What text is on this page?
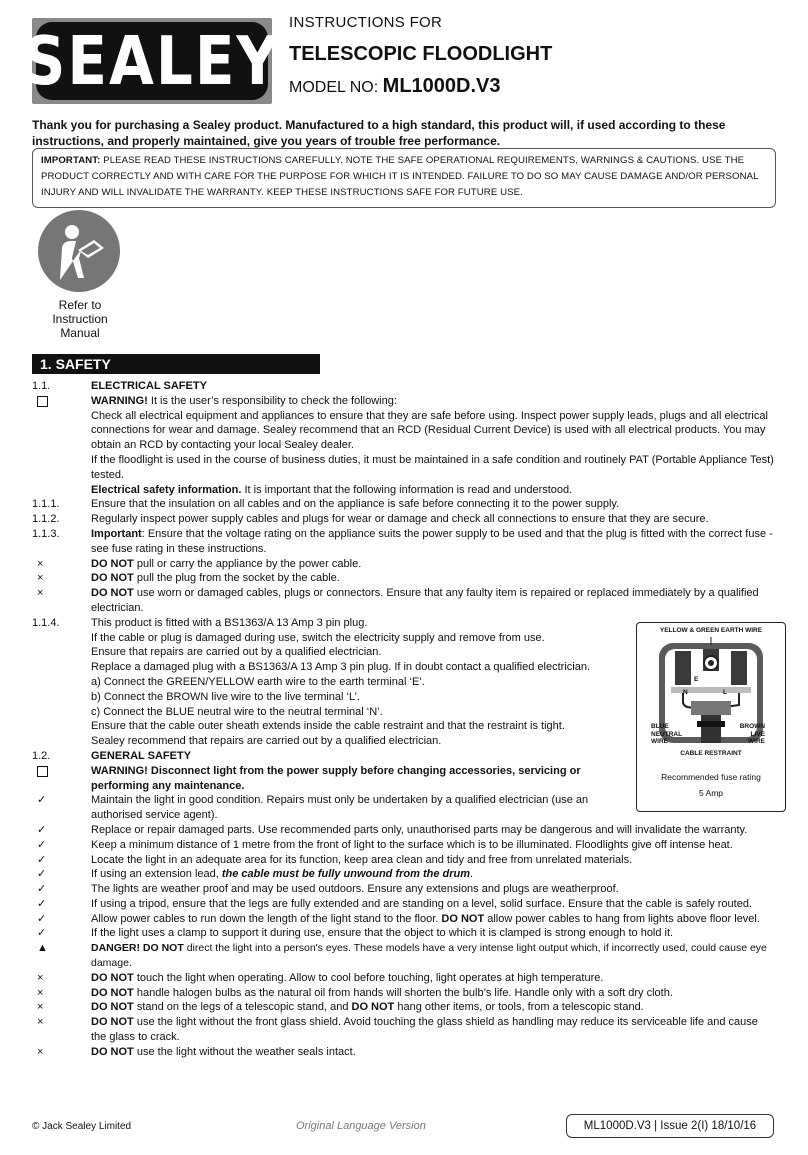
SEALEY INSTRUCTIONS FOR
TELESCOPIC FLOODLIGHT
MODEL NO: ML1000D.V3
Thank you for purchasing a Sealey product. Manufactured to a high standard, this product will, if used according to these instructions, and properly maintained, give you years of trouble free performance.
IMPORTANT: PLEASE READ THESE INSTRUCTIONS CAREFULLY. NOTE THE SAFE OPERATIONAL REQUIREMENTS, WARNINGS & CAUTIONS. USE THE PRODUCT CORRECTLY AND WITH CARE FOR THE PURPOSE FOR WHICH IT IS INTENDED. FAILURE TO DO SO MAY CAUSE DAMAGE AND/OR PERSONAL INJURY AND WILL INVALIDATE THE WARRANTY. KEEP THESE INSTRUCTIONS SAFE FOR FUTURE USE.
Refer to
Instruction
Manual
1. SAFETY
1.1.	ELECTRICAL SAFETY

WARNING! It is the user’s responsibility to check the following:

Check all electrical equipment and appliances to ensure that they are safe before using. Inspect power supply leads, plugs and all electrical connections for wear and damage. Sealey recommend that an RCD (Residual Current Device) is used with all electrical products. You may obtain an RCD by contacting your local Sealey dealer.

If the floodlight is used in the course of business duties, it must be maintained in a safe condition and routinely PAT (Portable Appliance Test) tested.

Electrical safety information. It is important that the following information is read and understood.

1.1.1.	Ensure that the insulation on all cables and on the appliance is safe before connecting it to the power supply.

1.1.2.	Regularly inspect power supply cables and plugs for wear or damage and check all connections to ensure that they are secure.

1.1.3.	Important: Ensure that the voltage rating on the appliance suits the power supply to be used and that the plug is fitted with the correct fuse - see fuse rating in these instructions.

×	DO NOT pull or carry the appliance by the power cable.

×	DO NOT pull the plug from the socket by the cable.

×	DO NOT use worn or damaged cables, plugs or connectors. Ensure that any faulty item is repaired or replaced immediately by a qualified electrician.

1.1.4.	This product is fitted with a BS1363/A 13 Amp 3 pin plug.

If the cable or plug is damaged during use, switch the electricity supply and remove from use.

Ensure that repairs are carried out by a qualified electrician.

Replace a damaged plug with a BS1363/A 13 Amp 3 pin plug. If in doubt contact a qualified electrician.

a) Connect the GREEN/YELLOW earth wire to the earth terminal ‘E’.

b) Connect the BROWN live wire to the live terminal ‘L’.

c) Connect the BLUE neutral wire to the neutral terminal ‘N’.

Ensure that the cable outer sheath extends inside the cable restraint and that the restraint is tight.

Sealey recommend that repairs are carried out by a qualified electrician.

1.2.	GENERAL SAFETY

WARNING! Disconnect light from the power supply before changing accessories, servicing or performing any maintenance.

✓	Maintain the light in good condition. Repairs must only be undertaken by a qualified electrician (use an authorised service agent).

✓	Replace or repair damaged parts. Use recommended parts only, unauthorised parts may be dangerous and will invalidate the warranty.

✓	Keep a minimum distance of 1 metre from the front of light to the surface which is to be illuminated. Floodlights give off intense heat.

✓	Locate the light in an adequate area for its function, keep area clean and tidy and free from unrelated materials.

✓	If using an extension lead, the cable must be fully unwound from the drum.

✓	The lights are weather proof and may be used outdoors. Ensure any extensions and plugs are weatherproof.

✓	If using a tripod, ensure that the legs are fully extended and are standing on a level, solid surface. Ensure that the cable is safely routed.

✓	Allow power cables to run down the length of the light stand to the floor. DO NOT allow power cables to hang from lights above floor level.

✓	If the light uses a clamp to support it during use, ensure that the object to which it is clamped is strong enough to hold it.

▲	DANGER! DO NOT direct the light into a person's eyes. These models have a very intense light output which, if incorrectly used, could cause eye damage.

×	DO NOT touch the light when operating. Allow to cool before touching, light operates at high temperature.

×	DO NOT handle halogen bulbs as the natural oil from hands will shorten the bulb’s life. Handle only with a soft dry cloth.

×	DO NOT stand on the legs of a telescopic stand, and DO NOT hang other items, or tools, from a telescopic stand.

×	DO NOT use the light without the front glass shield. Avoid touching the glass shield as handling may reduce its serviceable life and cause the glass to crack.

×	DO NOT use the light without the weather seals intact.

YELLOW & GREEN EARTH WIRE
E
N	L
BLUE
NEUTRAL
WIRE
BROWN
LIVE
WIRE
CABLE RESTRAINT
Recommended fuse rating
5 Amp
© Jack Sealey Limited	Original Language Version	ML1000D.V3 | Issue 2(I) 18/10/16
